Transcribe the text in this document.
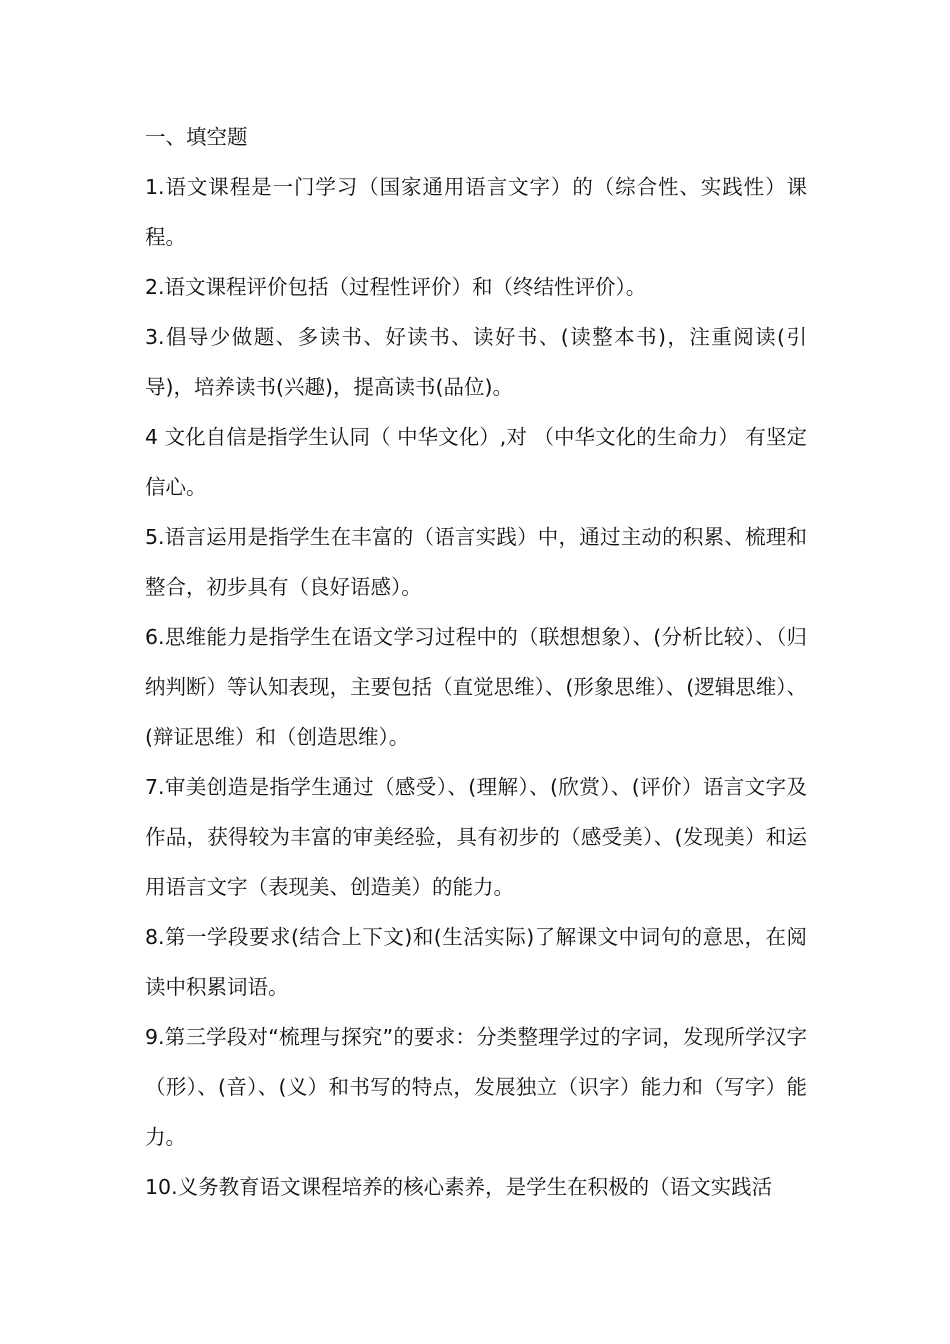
一、填空题

1.语文课程是一门学习（国家通用语言文字）的（综合性、实践性）课程。

2.语文课程评价包括（过程性评价）和（终结性评价）。

3.倡导少做题、多读书、好读书、读好书、(读整本书)，注重阅读(引导)，培养读书(兴趣)，提高读书(品位)。

4 文化自信是指学生认同（ 中华文化）,对 （中华文化的生命力） 有坚定信心。

5.语言运用是指学生在丰富的（语言实践）中，通过主动的积累、梳理和整合，初步具有（良好语感）。

6.思维能力是指学生在语文学习过程中的（联想想象）、(分析比较）、（归纳判断）等认知表现，主要包括（直觉思维）、(形象思维）、(逻辑思维）、(辩证思维）和（创造思维）。

7.审美创造是指学生通过（感受）、(理解）、(欣赏）、(评价）语言文字及作品，获得较为丰富的审美经验，具有初步的（感受美）、(发现美）和运用语言文字（表现美、创造美）的能力。

8.第一学段要求(结合上下文)和(生活实际)了解课文中词句的意思，在阅读中积累词语。

9.第三学段对“梳理与探究”的要求：分类整理学过的字词，发现所学汉字（形）、(音）、(义）和书写的特点，发展独立（识字）能力和（写字）能力。

10.义务教育语文课程培养的核心素养，是学生在积极的（语文实践活
